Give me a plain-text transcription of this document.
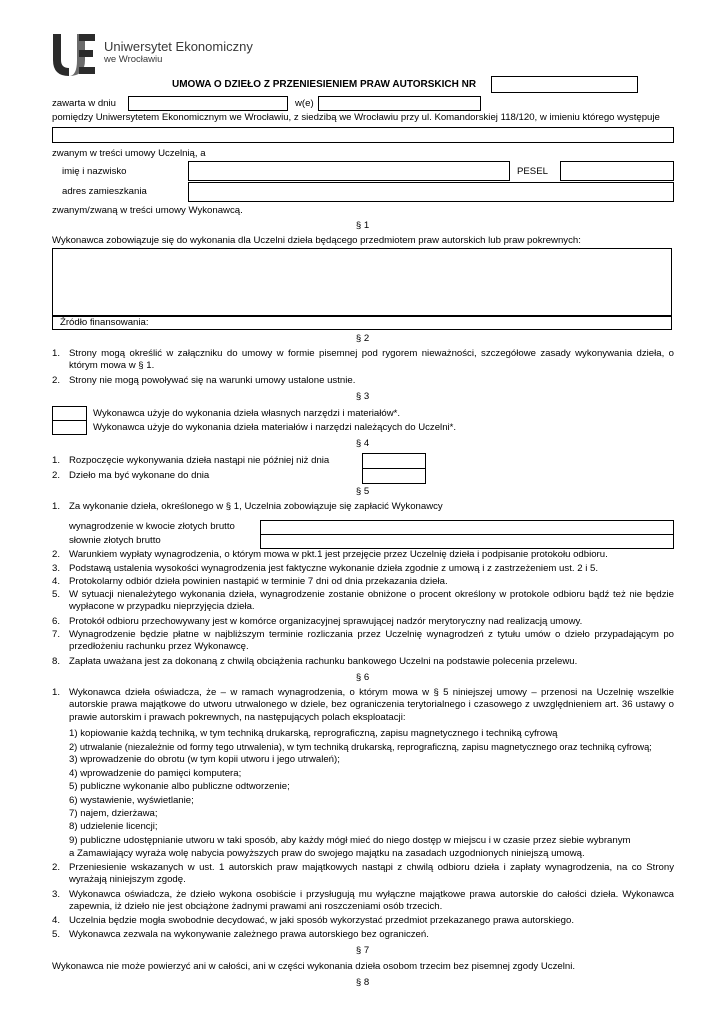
Uniwersytet Ekonomiczny
we Wrocławiu
UMOWA O DZIEŁO Z PRZENIESIENIEM PRAW AUTORSKICH NR
zawarta w dniu	w(e)
pomiędzy Uniwersytetem Ekonomicznym we Wrocławiu, z siedzibą we Wrocławiu przy ul. Komandorskiej 118/120, w imieniu którego występuje
zwanym w treści umowy Uczelnią, a
imię i nazwisko	PESEL
adres zamieszkania
zwanym/zwaną w treści umowy Wykonawcą.
§ 1
Wykonawca zobowiązuje się do wykonania dla Uczelni dzieła będącego przedmiotem praw autorskich lub praw pokrewnych:
Źródło finansowania:
§ 2
1. Strony mogą określić w załączniku do umowy w formie pisemnej pod rygorem nieważności, szczegółowe zasady wykonywania dzieła, o którym mowa w § 1.
2. Strony nie mogą powoływać się na warunki umowy ustalone ustnie.
§ 3
Wykonawca użyje do wykonania dzieła własnych narzędzi i materiałów*.
Wykonawca użyje do wykonania dzieła materiałów i narzędzi należących do Uczelni*.
§ 4
1. Rozpoczęcie wykonywania dzieła nastąpi nie później niż dnia
2. Dzieło ma być wykonane do dnia
§ 5
1. Za wykonanie dzieła, określonego w § 1, Uczelnia zobowiązuje się zapłacić Wykonawcy
wynagrodzenie w kwocie złotych brutto
słownie złotych brutto
2. Warunkiem wypłaty wynagrodzenia, o którym mowa w pkt.1 jest przejęcie przez Uczelnię dzieła i podpisanie protokołu odbioru.
3. Podstawą ustalenia wysokości wynagrodzenia jest faktyczne wykonanie dzieła zgodnie z umową i z zastrzeżeniem ust. 2 i 5.
4. Protokolarny odbiór dzieła powinien nastąpić w terminie 7 dni od dnia przekazania dzieła.
5. W sytuacji nienależytego wykonania dzieła, wynagrodzenie zostanie obniżone o procent określony w protokole odbioru bądź też nie będzie wypłacone w przypadku nieprzyjęcia dzieła.
6. Protokół odbioru przechowywany jest w komórce organizacyjnej sprawującej nadzór merytoryczny nad realizacją umowy.
7. Wynagrodzenie będzie płatne w najbliższym terminie rozliczania przez Uczelnię wynagrodzeń z tytułu umów o dzieło przypadającym po przedłożeniu rachunku przez Wykonawcę.
8. Zapłata uważana jest za dokonaną z chwilą obciążenia rachunku bankowego Uczelni na podstawie polecenia przelewu.
§ 6
1. Wykonawca dzieła oświadcza, że – w ramach wynagrodzenia, o którym mowa w § 5 niniejszej umowy – przenosi na Uczelnię wszelkie autorskie prawa majątkowe do utworu utrwalonego w dziele, bez ograniczenia terytorialnego i czasowego z uwzględnieniem art. 36 ustawy o prawie autorskim i prawach pokrewnych, na następujących polach eksploatacji:
1) kopiowanie każdą techniką, w tym techniką drukarską, reprograficzną, zapisu magnetycznego i techniką cyfrową
2) utrwalanie (niezależnie od formy tego utrwalenia), w tym techniką drukarską, reprograficzną, zapisu magnetycznego oraz techniką cyfrową;
3) wprowadzenie do obrotu (w tym kopii utworu i jego utrwaleń);
4) wprowadzenie do pamięci komputera;
5) publiczne wykonanie albo publiczne odtworzenie;
6) wystawienie, wyświetlanie;
7) najem, dzierżawa;
8) udzielenie licencji;
9) publiczne udostępnianie utworu w taki sposób, aby każdy mógł mieć do niego dostęp w miejscu i w czasie przez siebie wybranym
a Zamawiający wyraża wolę nabycia powyższych praw do swojego majątku na zasadach uzgodnionych niniejszą umową.
2. Przeniesienie wskazanych w ust. 1 autorskich praw majątkowych nastąpi z chwilą odbioru dzieła i zapłaty wynagrodzenia, na co Strony wyrażają niniejszym zgodę.
3. Wykonawca oświadcza, że dzieło wykona osobiście i przysługują mu wyłączne majątkowe prawa autorskie do całości dzieła. Wykonawca zapewnia, iż dzieło nie jest obciążone żadnymi prawami ani roszczeniami osób trzecich.
4. Uczelnia będzie mogła swobodnie decydować, w jaki sposób wykorzystać przedmiot przekazanego prawa autorskiego.
5. Wykonawca zezwala na wykonywanie zależnego prawa autorskiego bez ograniczeń.
§ 7
Wykonawca nie może powierzyć ani w całości, ani w części wykonania dzieła osobom trzecim bez pisemnej zgody Uczelni.
§ 8
